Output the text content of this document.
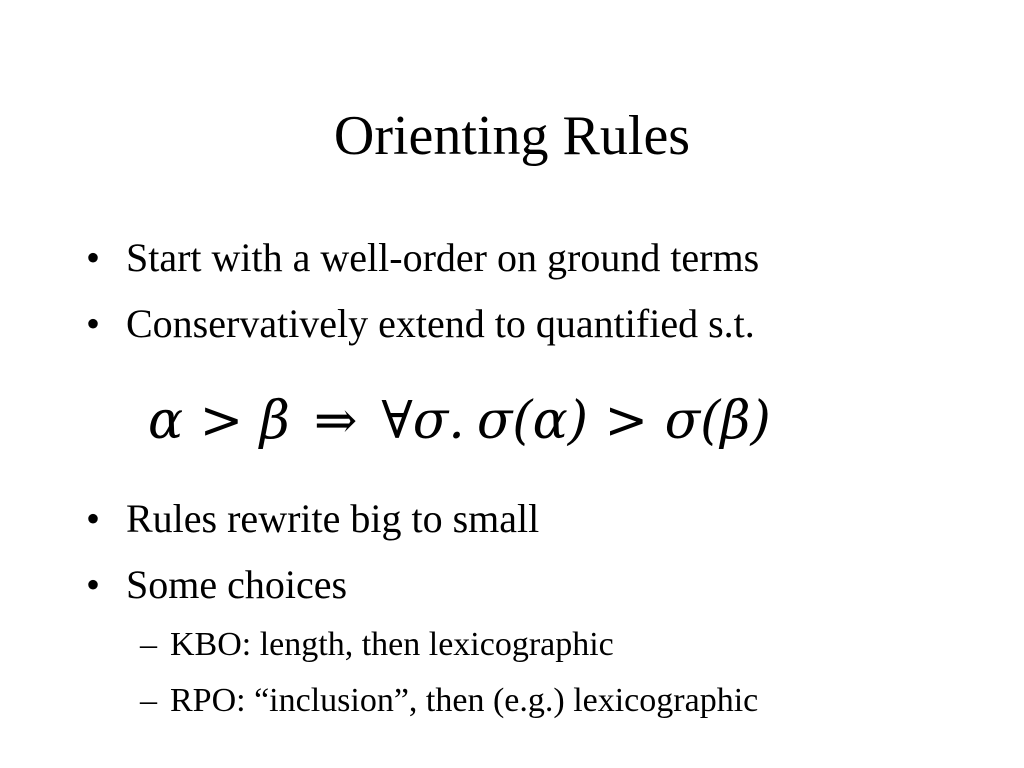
Orienting Rules
• Start with a well-order on ground terms
• Conservatively extend to quantified s.t.
α > β ⇒ ∀σ. σ(α) > σ(β)
• Rules rewrite big to small
• Some choices
– KBO: length, then lexicographic
– RPO: “inclusion”, then (e.g.) lexicographic
